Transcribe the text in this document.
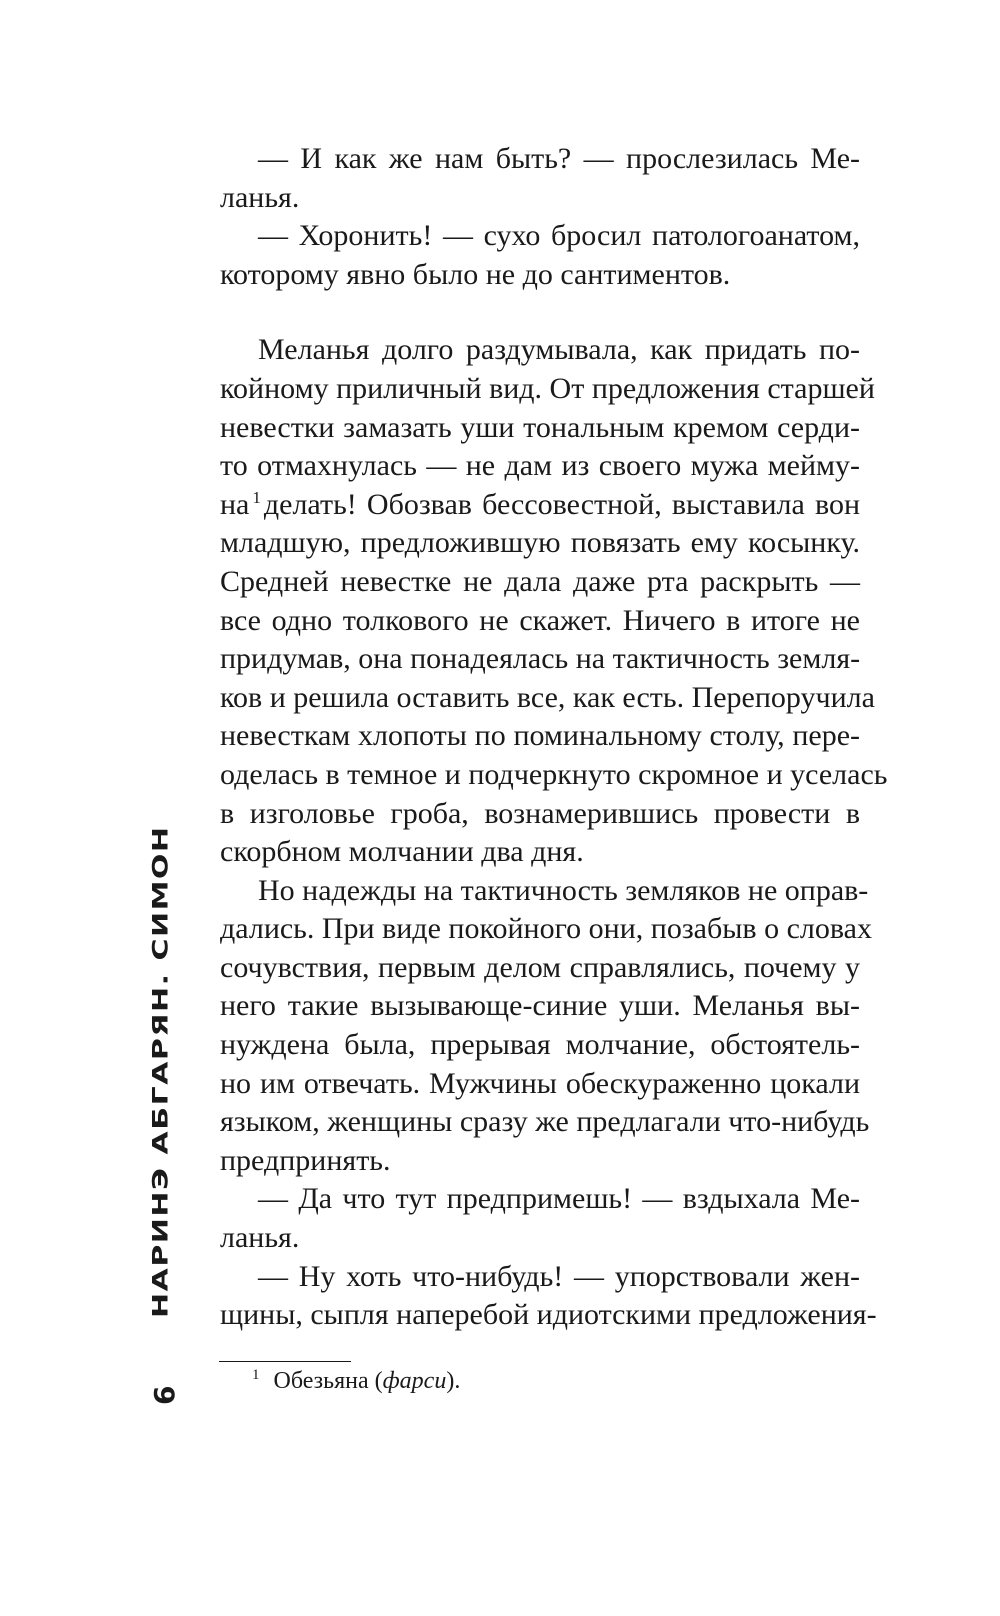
— И как же нам быть? — прослезилась Ме-
ланья.
— Хоронить! — сухо бросил патологоанатом,
которому явно было не до сантиментов.
Меланья долго раздумывала, как придать по-
койному приличный вид. От предложения старшей
невестки замазать уши тональным кремом серди-
то отмахнулась — не дам из своего мужа мейму-
на $^1$ делать! Обозвав бессовестной, выставила вон
младшую, предложившую повязать ему косынку.
Средней невестке не дала даже рта раскрыть —
все одно толкового не скажет. Ничего в итоге не
придумав, она понадеялась на тактичность земля-
ков и решила оставить все, как есть. Перепоручила
невесткам хлопоты по поминальному столу, пере-
оделась в темное и подчеркнуто скромное и уселась
в изголовье гроба, вознамерившись провести в
скорбном молчании два дня.
Но надежды на тактичность земляков не оправ-
дались. При виде покойного они, позабыв о словах
сочувствия, первым делом справлялись, почему у
него такие вызывающе-синие уши. Меланья вы-
нуждена была, прерывая молчание, обстоятель-
но им отвечать. Мужчины обескураженно цокали
языком, женщины сразу же предлагали что-нибудь
предпринять.
— Да что тут предпримешь! — вздыхала Ме-
ланья.
— Ну хоть что-нибудь! — упорствовали жен-
щины, сыпля наперебой идиотскими предложения-
НАРИНЭ АБГАРЯН. СИМОН
6
$^1$ Обезьяна (фарси).
